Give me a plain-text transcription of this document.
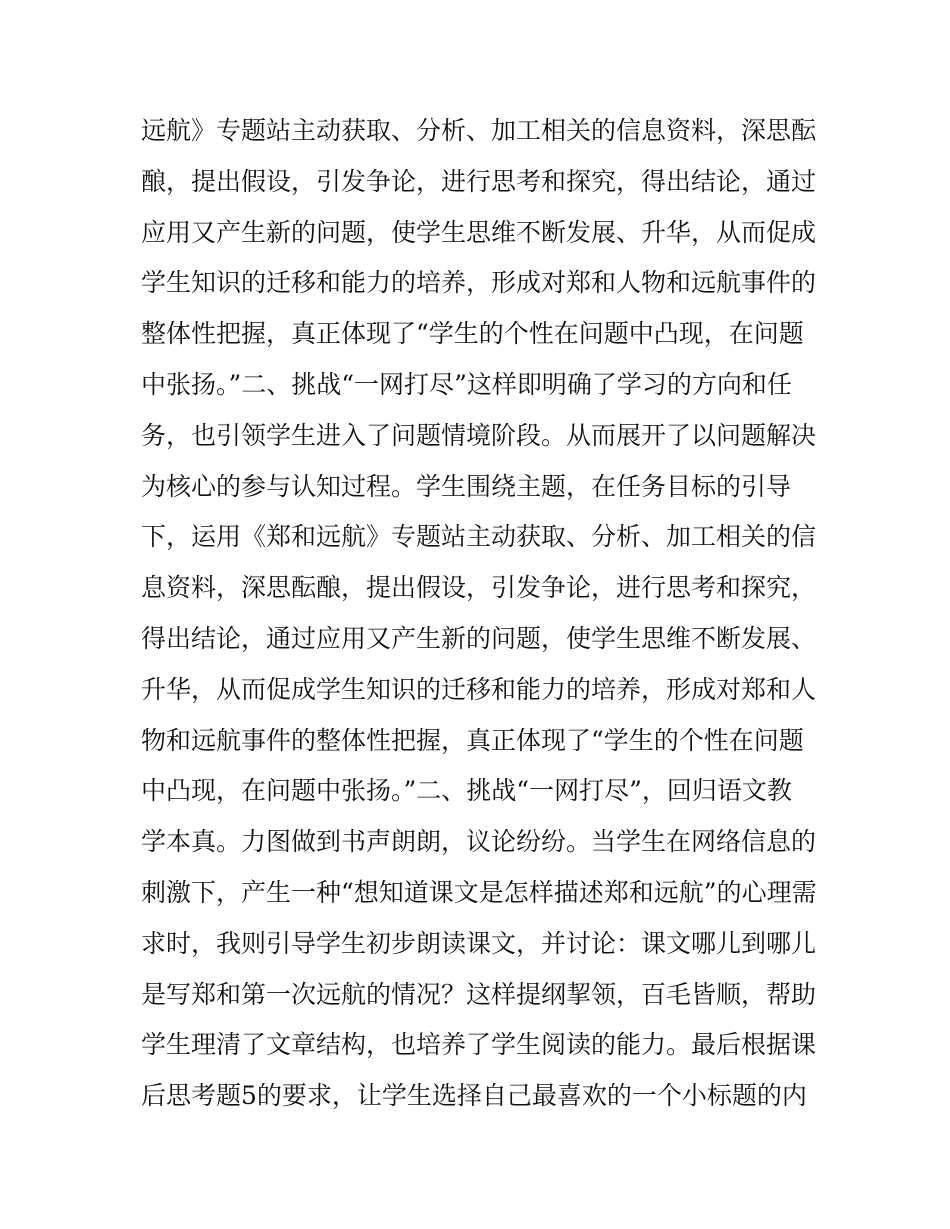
远航》专题站主动获取、分析、加工相关的信息资料，深思酝
酿，提出假设，引发争论，进行思考和探究，得出结论，通过
应用又产生新的问题，使学生思维不断发展、升华，从而促成
学生知识的迁移和能力的培养，形成对郑和人物和远航事件的
整体性把握，真正体现了“学生的个性在问题中凸现，在问题
中张扬。”二、挑战“一网打尽”这样即明确了学习的方向和任
务，也引领学生进入了问题情境阶段。从而展开了以问题解决
为核心的参与认知过程。学生围绕主题，在任务目标的引导
下，运用《郑和远航》专题站主动获取、分析、加工相关的信
息资料，深思酝酿，提出假设，引发争论，进行思考和探究，
得出结论，通过应用又产生新的问题，使学生思维不断发展、
升华，从而促成学生知识的迁移和能力的培养，形成对郑和人
物和远航事件的整体性把握，真正体现了“学生的个性在问题
中凸现，在问题中张扬。”二、挑战“一网打尽”，回归语文教
学本真。力图做到书声朗朗，议论纷纷。当学生在网络信息的
刺激下，产生一种“想知道课文是怎样描述郑和远航”的心理需
求时，我则引导学生初步朗读课文，并讨论：课文哪儿到哪儿
是写郑和第一次远航的情况？这样提纲挈领，百毛皆顺，帮助
学生理清了文章结构，也培养了学生阅读的能力。最后根据课
后思考题5的要求，让学生选择自己最喜欢的一个小标题的内
